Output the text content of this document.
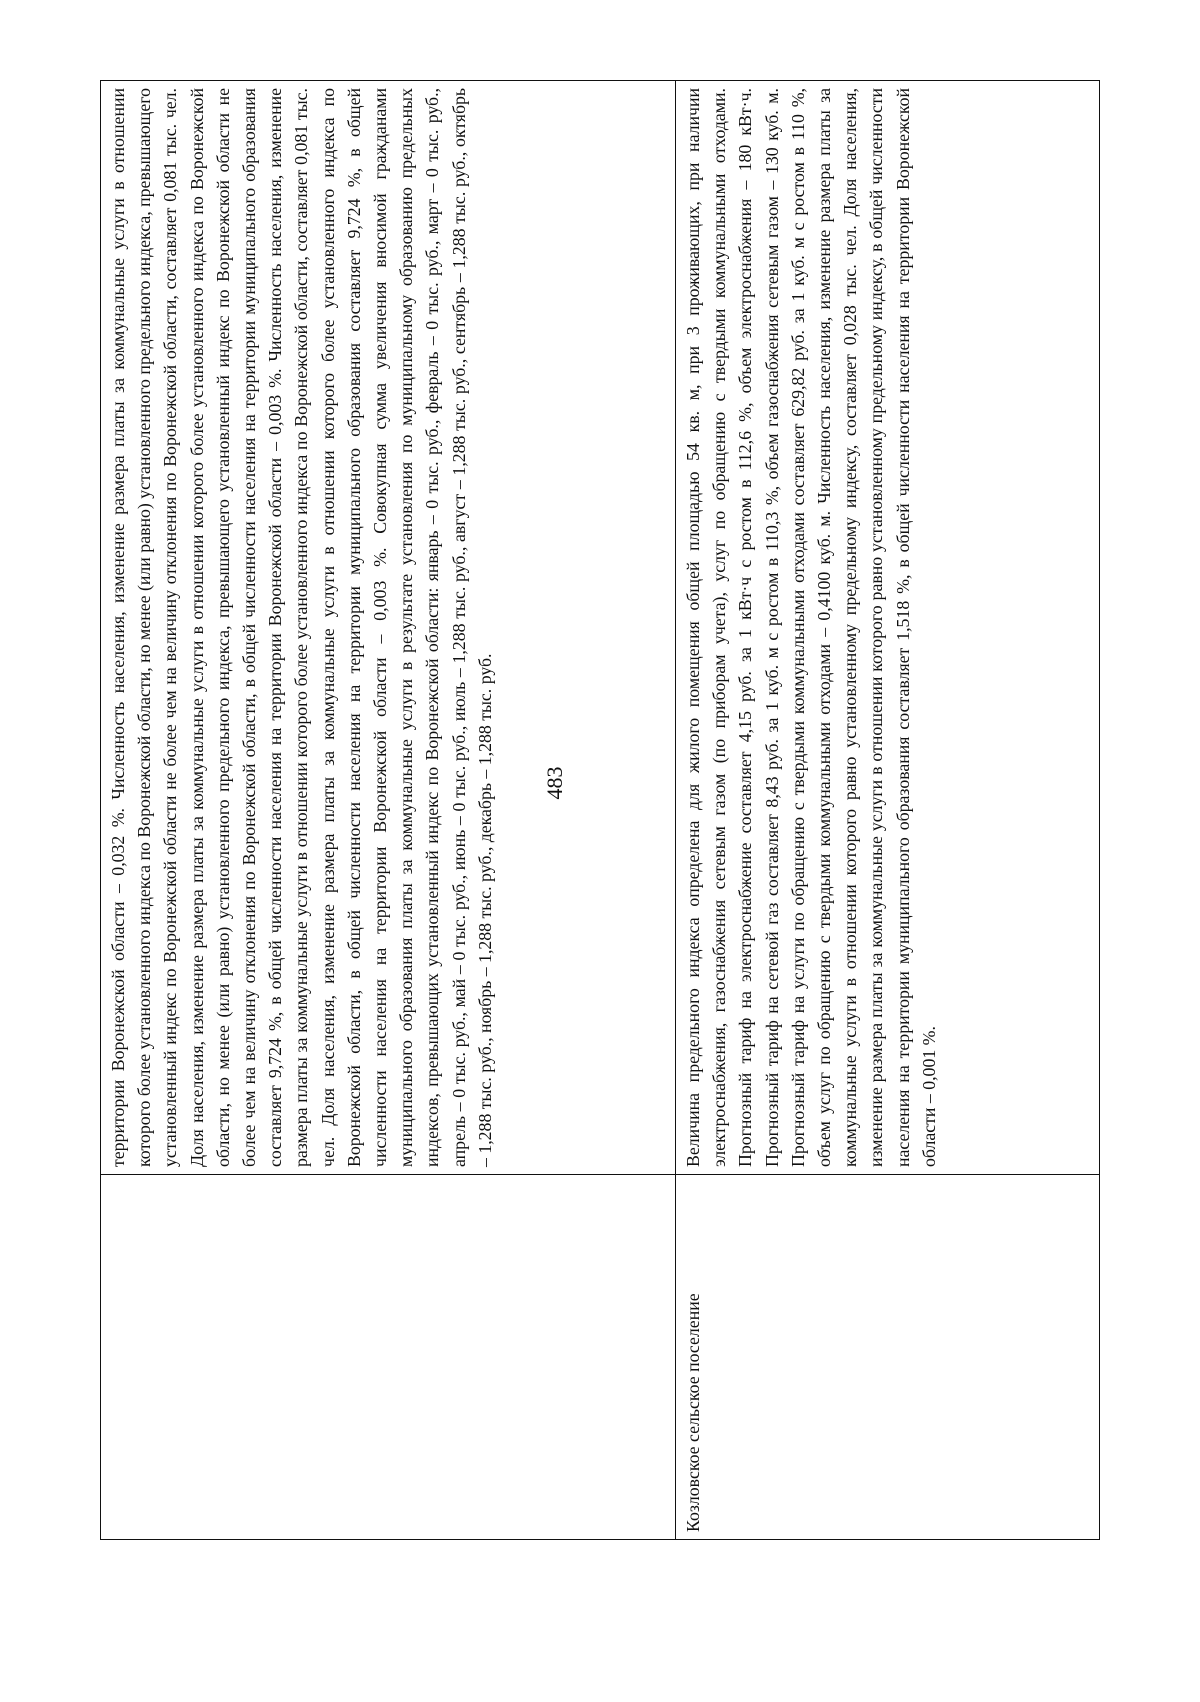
483

	территории Воронежской области – 0,032 %. Численность населения, изменение размера платы за коммунальные услуги в отношении которого более установленного индекса по Воронежской области, но менее (или равно) установленного предельного индекса, превышающего установленный индекс по Воронежской области не более чем на величину отклонения по Воронежской области, составляет 0,081 тыс. чел. Доля населения, изменение размера платы за коммунальные услуги в отношении которого более установленного индекса по Воронежской области, но менее (или равно) установленного предельного индекса, превышающего установленный индекс по Воронежской области не более чем на величину отклонения по Воронежской области, в общей численности населения на территории муниципального образования составляет 9,724 %, в общей численности населения на территории Воронежской области – 0,003 %. Численность населения, изменение размера платы за коммунальные услуги в отношении которого более установленного индекса по Воронежской области, составляет 0,081 тыс. чел. Доля населения, изменение размера платы за коммунальные услуги в отношении которого более установленного индекса по Воронежской области, в общей численности населения на территории муниципального образования составляет 9,724 %, в общей численности населения на территории Воронежской области – 0,003 %. Совокупная сумма увеличения вносимой гражданами муниципального образования платы за коммунальные услуги в результате установления по муниципальному образованию предельных индексов, превышающих установленный индекс по Воронежской области: январь – 0 тыс. руб., февраль – 0 тыс. руб., март – 0 тыс. руб., апрель – 0 тыс. руб., май – 0 тыс. руб., июнь – 0 тыс. руб., июль – 1,288 тыс. руб., август – 1,288 тыс. руб., сентябрь – 1,288 тыс. руб., октябрь – 1,288 тыс. руб., ноябрь – 1,288 тыс. руб., декабрь – 1,288 тыс. руб.

Козловское сельское поселение	Величина предельного индекса определена для жилого помещения общей площадью 54 кв. м, при 3 проживающих, при наличии электроснабжения, газоснабжения сетевым газом (по приборам учета), услуг по обращению с твердыми коммунальными отходами. Прогнозный тариф на электроснабжение составляет 4,15 руб. за 1 кВт·ч с ростом в 112,6 %, объем электроснабжения – 180 кВт·ч. Прогнозный тариф на сетевой газ составляет 8,43 руб. за 1 куб. м с ростом в 110,3 %, объем газоснабжения сетевым газом – 130 куб. м. Прогнозный тариф на услуги по обращению с твердыми коммунальными отходами составляет 629,82 руб. за 1 куб. м с ростом в 110 %, объем услуг по обращению с твердыми коммунальными отходами – 0,4100 куб. м. Численность населения, изменение размера платы за коммунальные услуги в отношении которого равно установленному предельному индексу, составляет 0,028 тыс. чел. Доля населения, изменение размера платы за коммунальные услуги в отношении которого равно установленному предельному индексу, в общей численности населения на территории муниципального образования составляет 1,518 %, в общей численности населения на территории Воронежской области – 0,001 %.
